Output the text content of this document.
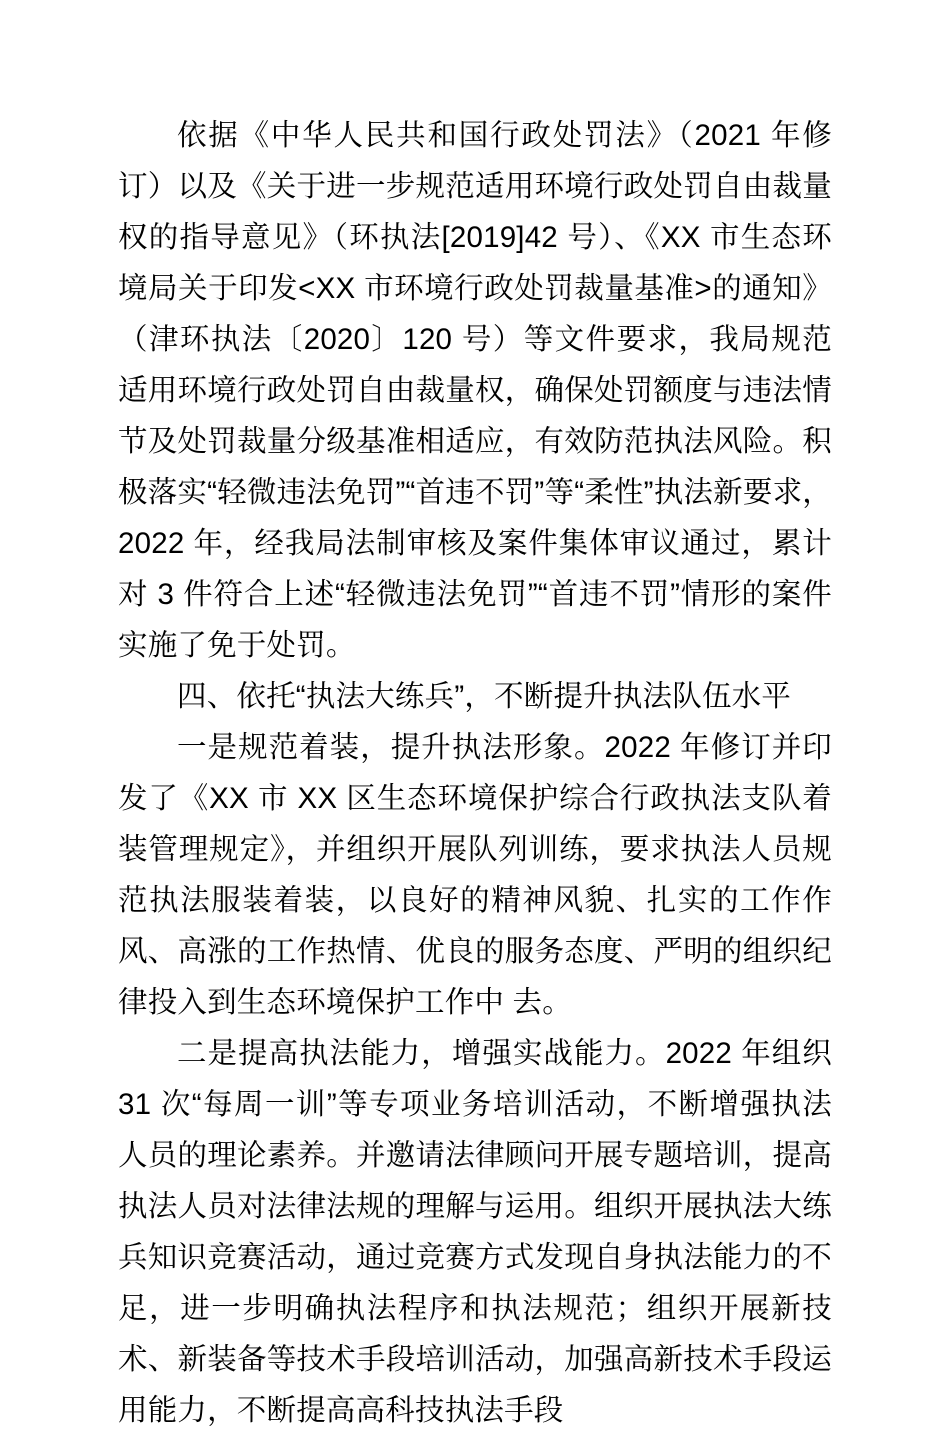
依据《中华人民共和国行政处罚法》（2021 年修订）以及《关于进一步规范适用环境行政处罚自由裁量权的指导意见》（环执法[2019]42 号）、《XX 市生态环境局关于印发<XX 市环境行政处罚裁量基准>的通知》（津环执法〔2020〕120 号）等文件要求，我局规范适用环境行政处罚自由裁量权，确保处罚额度与违法情节及处罚裁量分级基准相适应，有效防范执法风险。积极落实“轻微违法免罚”“首违不罚”等“柔性”执法新要求，2022 年，经我局法制审核及案件集体审议通过，累计对 3 件符合上述“轻微违法免罚”“首违不罚”情形的案件实施了免于处罚。

四、依托“执法大练兵”，不断提升执法队伍水平

一是规范着装，提升执法形象。2022 年修订并印发了《XX 市 XX 区生态环境保护综合行政执法支队着装管理规定》，并组织开展队列训练，要求执法人员规范执法服装着装，以良好的精神风貌、扎实的工作作风、高涨的工作热情、优良的服务态度、严明的组织纪律投入到生态环境保护工作中 去。

二是提高执法能力，增强实战能力。2022 年组织 31 次“每周一训”等专项业务培训活动，不断增强执法人员的理论素养。并邀请法律顾问开展专题培训，提高执法人员对法律法规的理解与运用。组织开展执法大练兵知识竞赛活动，通过竞赛方式发现自身执法能力的不足，进一步明确执法程序和执法规范；组织开展新技术、新装备等技术手段培训活动，加强高新技术手段运用能力，不断提高高科技执法手段
